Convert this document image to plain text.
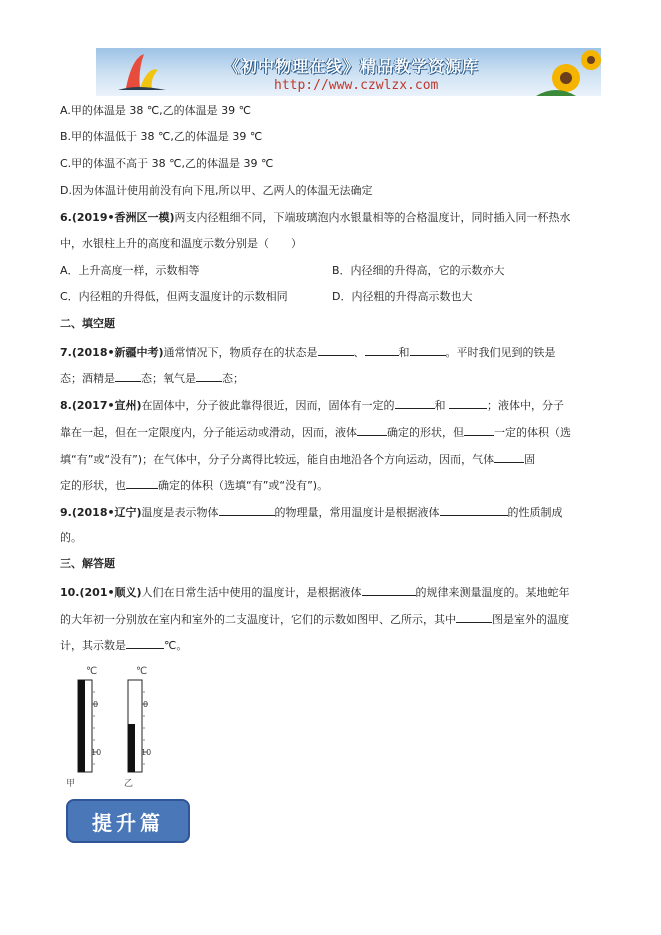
《初中物理在线》精品教学资源库
http://www.czwlzx.com
A.甲的体温是 38 ℃,乙的体温是 39 ℃
B.甲的体温低于 38 ℃,乙的体温是 39 ℃
C.甲的体温不高于 38 ℃,乙的体温是 39 ℃
D.因为体温计使用前没有向下甩,所以甲、乙两人的体温无法确定
6.(2019•香洲区一模)两支内径粗细不同，下端玻璃泡内水银量相等的合格温度计，同时插入同一杯热水
中，水银柱上升的高度和温度示数分别是（　　）
A．上升高度一样，示数相等	B．内径细的升得高，它的示数亦大
C．内径粗的升得低，但两支温度计的示数相同	D．内径粗的升得高示数也大
二、填空题
7.(2018•新疆中考)通常情况下，物质存在的状态是	、	和	。平时我们见到的铁是
态；酒精是 态；氧气是 态；
8.(2017•宣州)在固体中，分子彼此靠得很近，因而，固体有一定的	和	；液体中，分子
靠在一起，但在一定限度内，分子能运动或滑动，因而，液体	确定的形状，但	一定的体积（选
填“有”或“没有”)；在气体中，分子分离得比较远，能自由地沿各个方向运动，因而，气体	固
定的形状，也	确定的体积（选填“有”或“没有”)。
9.(2018•辽宁)温度是表示物体	的物理量，常用温度计是根据液体	的性质制成
的。
三、解答题
10.(201•顺义)人们在日常生活中使用的温度计，是根据液体	的规律来测量温度的。某地蛇年
的大年初一分别放在室内和室外的二支温度计，它们的示数如图甲、乙所示，其中	图是室外的温度
计，其示数是	℃。
℃
0
10
℃
0
10
甲	乙
提升篇
